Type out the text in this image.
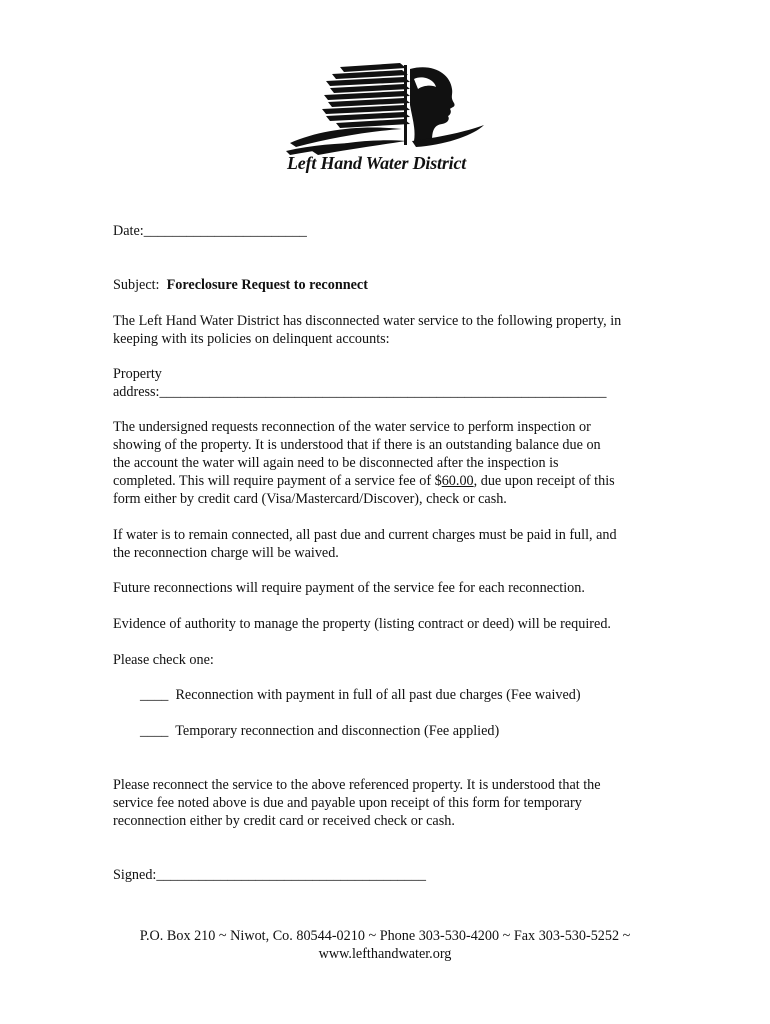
Left Hand Water District

Date:_______________________

Subject: Foreclosure Request to reconnect

The Left Hand Water District has disconnected water service to the following property, in

keeping with its policies on delinquent accounts:

Property

address:_______________________________________________________________

The undersigned requests reconnection of the water service to perform inspection or

showing of the property. It is understood that if there is an outstanding balance due on

the account the water will again need to be disconnected after the inspection is

completed. This will require payment of a service fee of $60.00, due upon receipt of this

form either by credit card (Visa/Mastercard/Discover), check or cash.

If water is to remain connected, all past due and current charges must be paid in full, and

the reconnection charge will be waived.

Future reconnections will require payment of the service fee for each reconnection.

Evidence of authority to manage the property (listing contract or deed) will be required.

Please check one:

____ Reconnection with payment in full of all past due charges (Fee waived)

____ Temporary reconnection and disconnection (Fee applied)

Please reconnect the service to the above referenced property. It is understood that the

service fee noted above is due and payable upon receipt of this form for temporary

reconnection either by credit card or received check or cash.

Signed:______________________________________

P.O. Box 210 ~ Niwot, Co. 80544-0210 ~ Phone 303-530-4200 ~ Fax 303-530-5252 ~
www.lefthandwater.org
